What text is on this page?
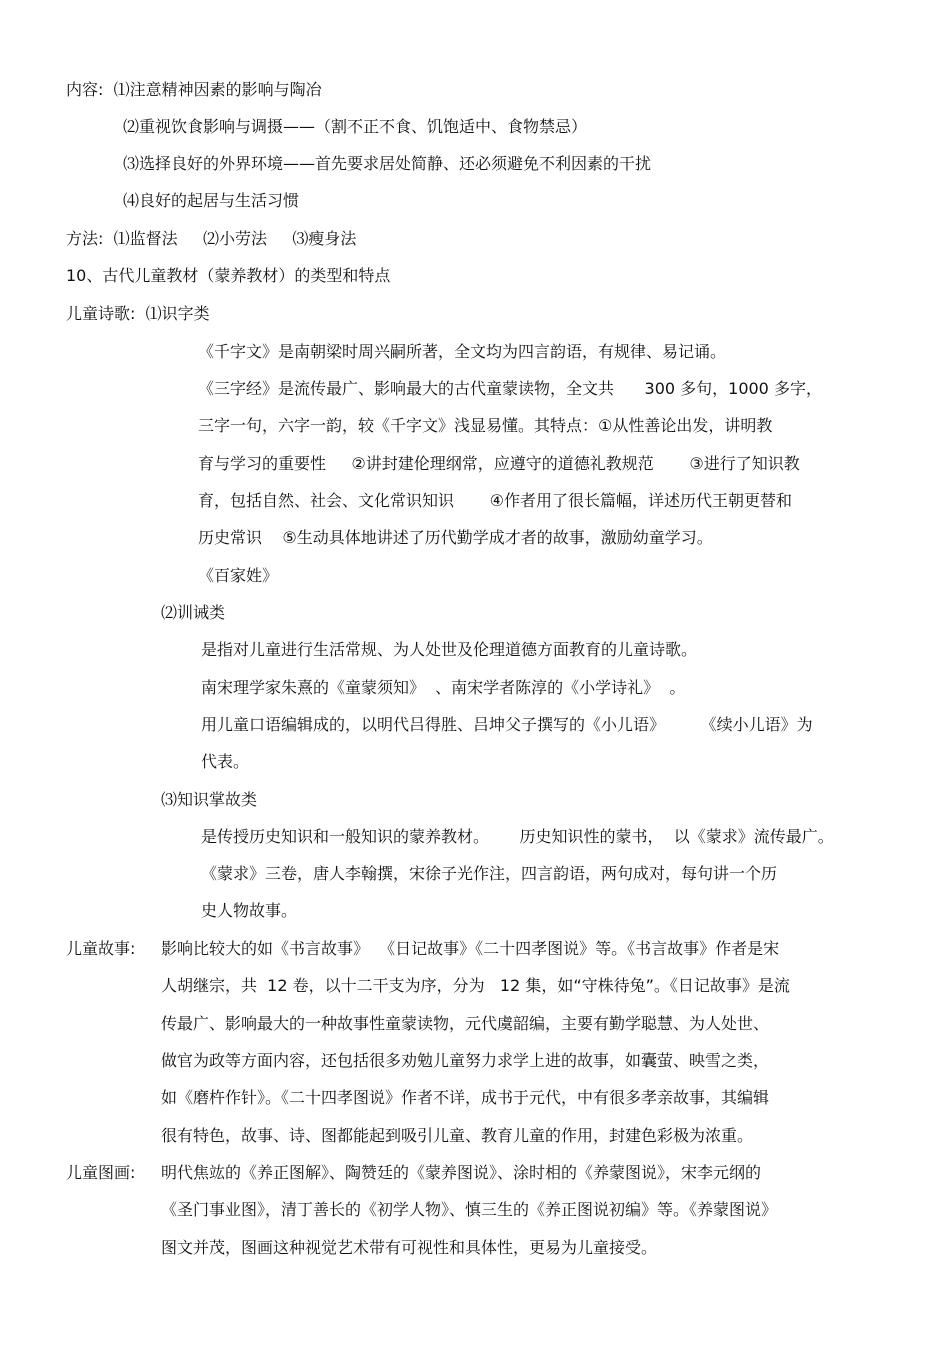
内容:  ⑴注意精神因素的影响与陶冶
⑵重视饮食影响与调摄——（割不正不食、饥饱适中、食物禁忌）
⑶选择良好的外界环境——首先要求居处简静、还必须避免不利因素的干扰
⑷良好的起居与生活习惯
方法:  ⑴监督法     ⑵小劳法     ⑶瘦身法
10、古代儿童教材（蒙养教材）的类型和特点
儿童诗歌:  ⑴识字类
《千字文》是南朝梁时周兴嗣所著，全文均为四言韵语，有规律、易记诵。
《三字经》是流传最广、影响最大的古代童蒙读物，全文共      300 多句，1000 多字，
三字一句，六字一韵，较《千字文》浅显易懂。其特点：①从性善论出发，讲明教
育与学习的重要性     ②讲封建伦理纲常，应遵守的道德礼教规范       ③进行了知识教
育，包括自然、社会、文化常识知识       ④作者用了很长篇幅，详述历代王朝更替和
历史常识    ⑤生动具体地讲述了历代勤学成才者的故事，激励幼童学习。
《百家姓》
⑵训诫类
是指对儿童进行生活常规、为人处世及伦理道德方面教育的儿童诗歌。
南宋理学家朱熹的《童蒙须知》  、南宋学者陈淳的《小学诗礼》  。
用儿童口语编辑成的，以明代吕得胜、吕坤父子撰写的《小儿语》       《续小儿语》为
代表。
⑶知识掌故类
是传授历史知识和一般知识的蒙养教材。      历史知识性的蒙书，  以《蒙求》流传最广。
《蒙求》三卷，唐人李翰撰，宋徐子光作注，四言韵语，两句成对，每句讲一个历
史人物故事。
儿童故事: 影响比较大的如《书言故事》  《日记故事》《二十四孝图说》等。《书言故事》作者是宋
人胡继宗，共  12 卷，以十二干支为序，分为   12 集，如“守株待兔”。《日记故事》是流
传最广、影响最大的一种故事性童蒙读物，元代虞韶编，主要有勤学聪慧、为人处世、
做官为政等方面内容，还包括很多劝勉儿童努力求学上进的故事，如囊萤、映雪之类，
如《磨杵作针》。《二十四孝图说》作者不详，成书于元代，中有很多孝亲故事，其编辑
很有特色，故事、诗、图都能起到吸引儿童、教育儿童的作用，封建色彩极为浓重。
儿童图画: 明代焦竑的《养正图解》、陶赞廷的《蒙养图说》、涂时相的《养蒙图说》，宋李元纲的
《圣门事业图》，清丁善长的《初学人物》、慎三生的《养正图说初编》等。《养蒙图说》
图文并茂，图画这种视觉艺术带有可视性和具体性，更易为儿童接受。
